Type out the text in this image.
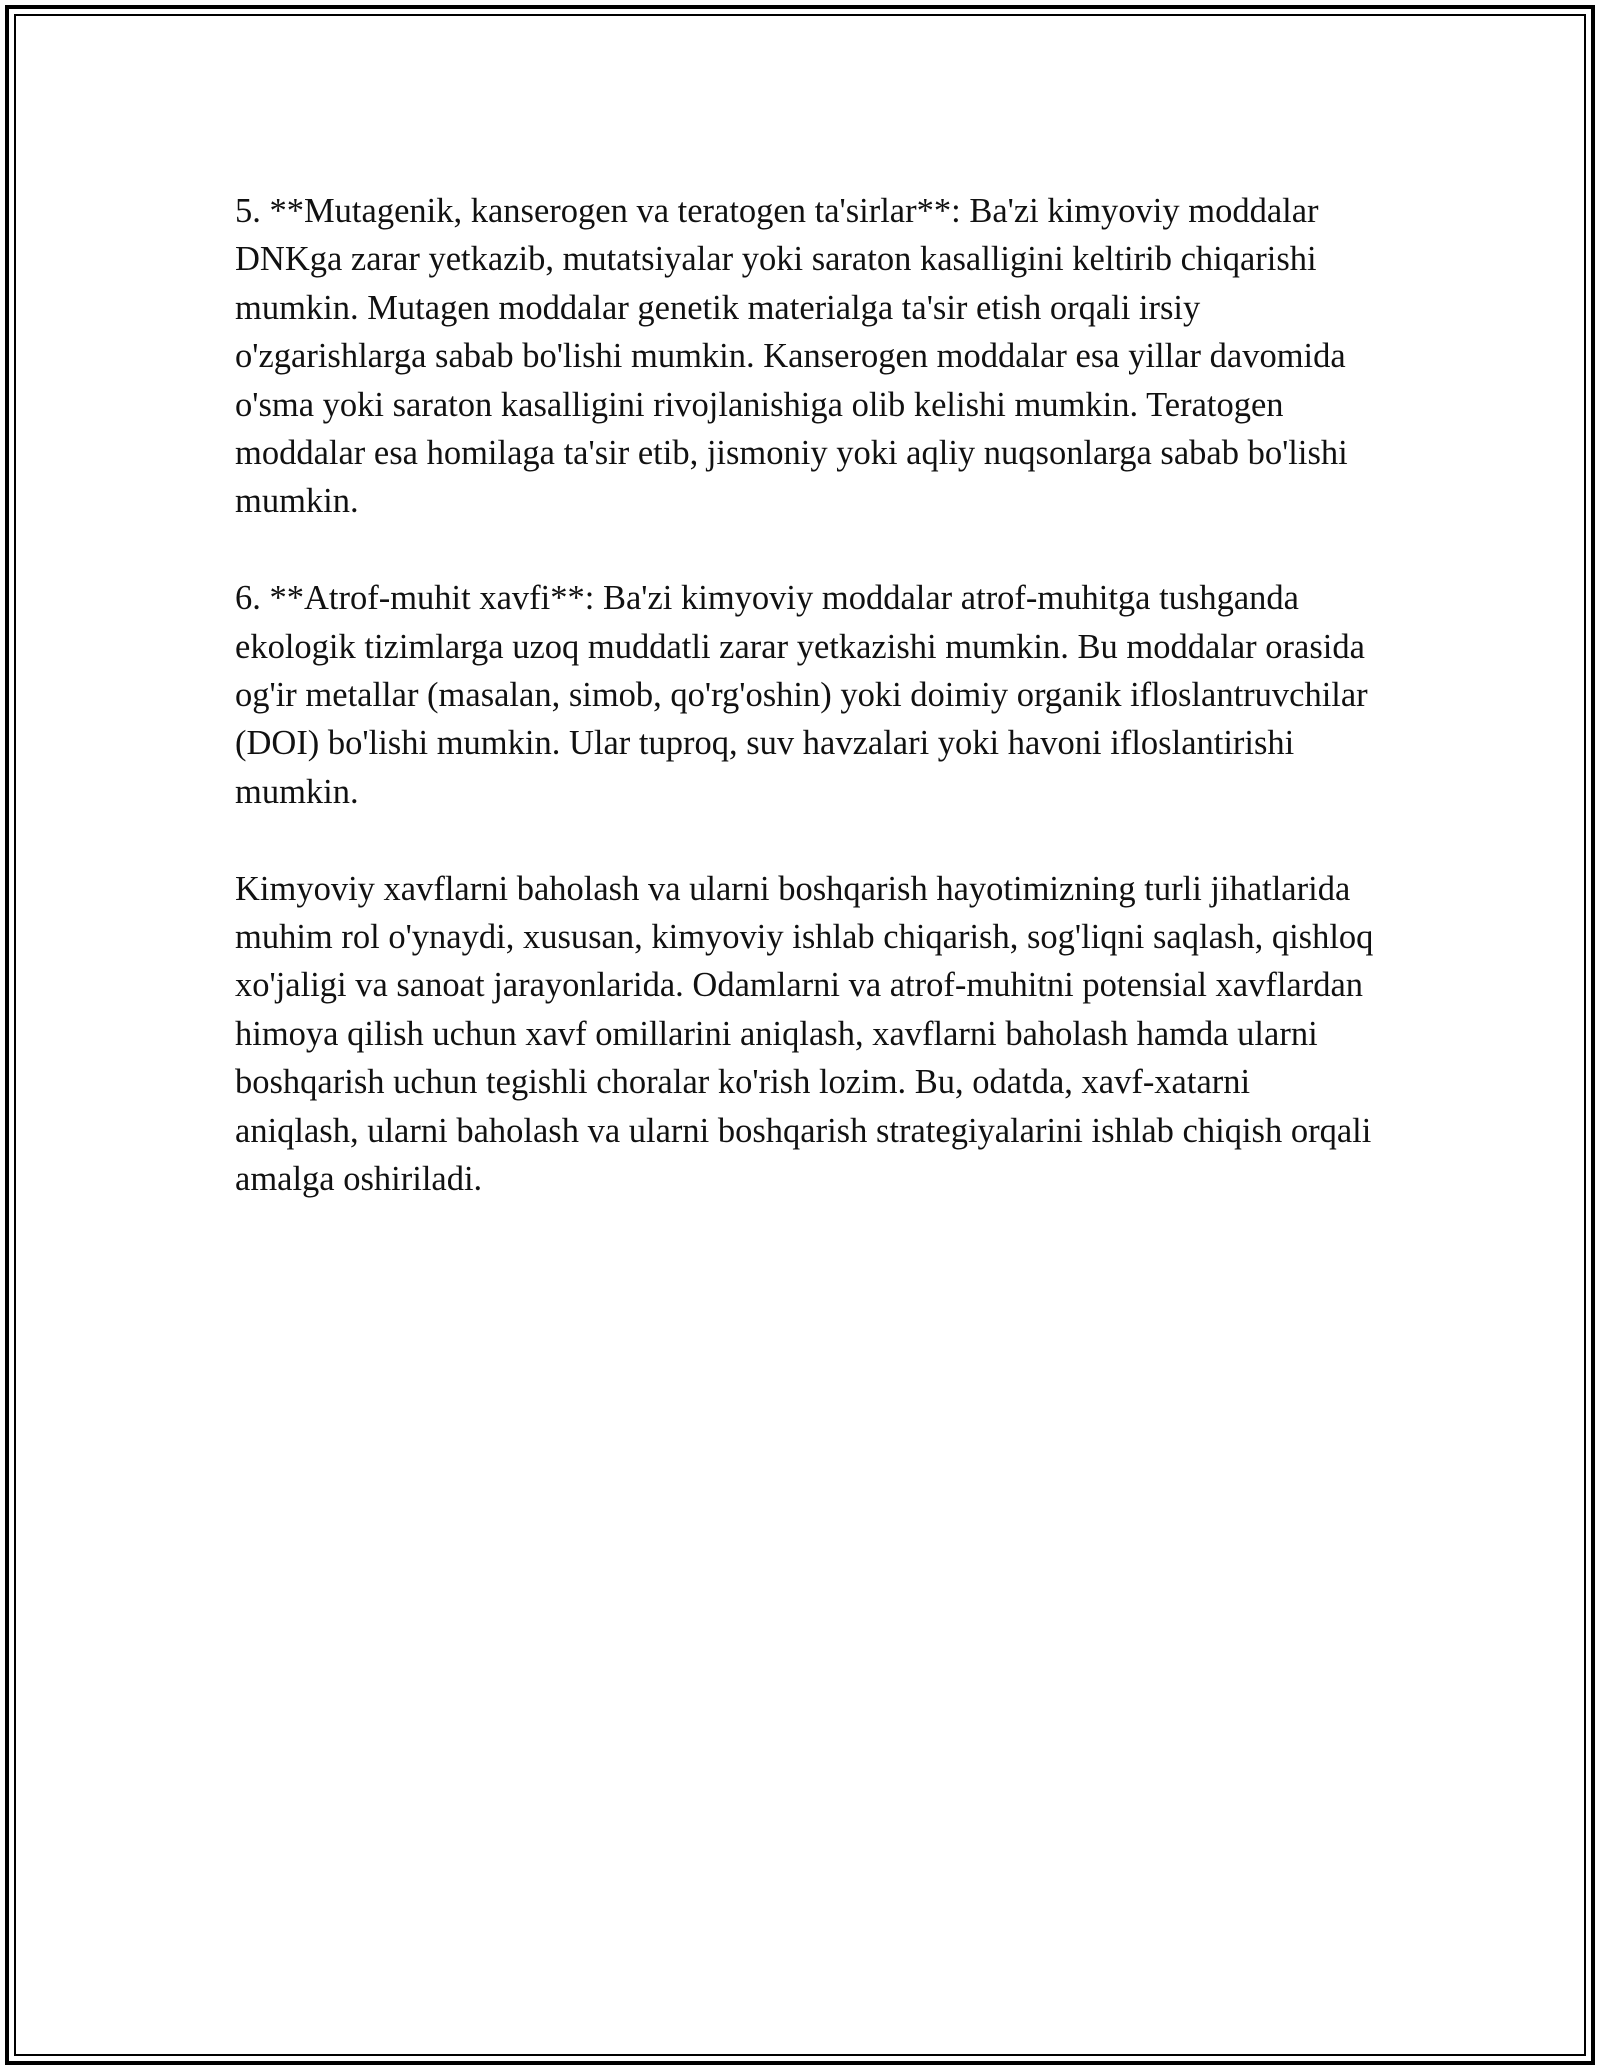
5. **Mutagenik, kanserogen va teratogen ta'sirlar**: Ba'zi kimyoviy moddalar DNKga zarar yetkazib, mutatsiyalar yoki saraton kasalligini keltirib chiqarishi mumkin. Mutagen moddalar genetik materialga ta'sir etish orqali irsiy o'zgarishlarga sabab bo'lishi mumkin. Kanserogen moddalar esa yillar davomida o'sma yoki saraton kasalligini rivojlanishiga olib kelishi mumkin. Teratogen moddalar esa homilaga ta'sir etib, jismoniy yoki aqliy nuqsonlarga sabab bo'lishi mumkin.

6. **Atrof-muhit xavfi**: Ba'zi kimyoviy moddalar atrof-muhitga tushganda ekologik tizimlarga uzoq muddatli zarar yetkazishi mumkin. Bu moddalar orasida og'ir metallar (masalan, simob, qo'rg'oshin) yoki doimiy organik ifloslantruvchilar (DOI) bo'lishi mumkin. Ular tuproq, suv havzalari yoki havoni ifloslantirishi mumkin.

Kimyoviy xavflarni baholash va ularni boshqarish hayotimizning turli jihatlarida muhim rol o'ynaydi, xususan, kimyoviy ishlab chiqarish, sog'liqni saqlash, qishloq xo'jaligi va sanoat jarayonlarida. Odamlarni va atrof-muhitni potensial xavflardan himoya qilish uchun xavf omillarini aniqlash, xavflarni baholash hamda ularni boshqarish uchun tegishli choralar ko'rish lozim. Bu, odatda, xavf-xatarni aniqlash, ularni baholash va ularni boshqarish strategiyalarini ishlab chiqish orqali amalga oshiriladi.
